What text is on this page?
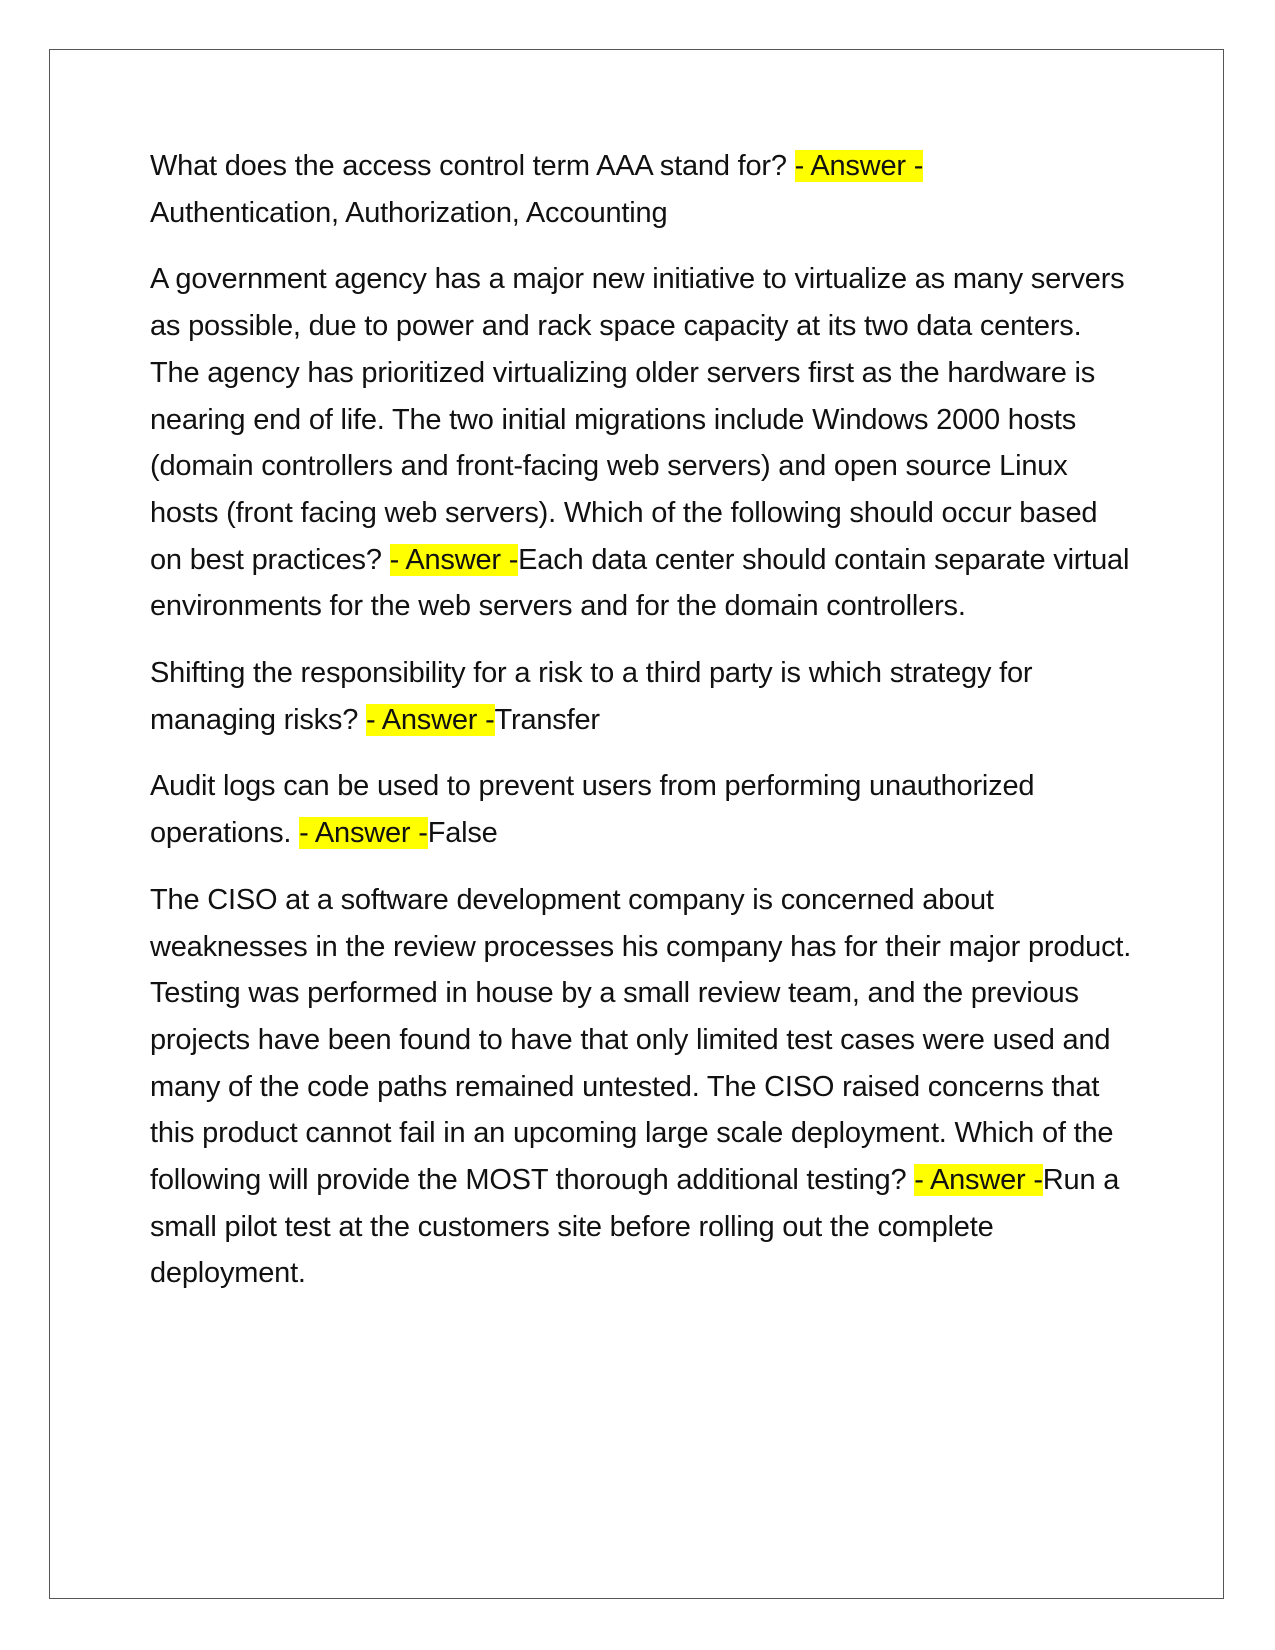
What does the access control term AAA stand for? - Answer -
Authentication, Authorization, Accounting

A government agency has a major new initiative to virtualize as many servers as possible, due to power and rack space capacity at its two data centers. The agency has prioritized virtualizing older servers first as the hardware is nearing end of life. The two initial migrations include Windows 2000 hosts (domain controllers and front-facing web servers) and open source Linux hosts (front facing web servers). Which of the following should occur based on best practices? - Answer -Each data center should contain separate virtual environments for the web servers and for the domain controllers.

Shifting the responsibility for a risk to a third party is which strategy for managing risks? - Answer -Transfer

Audit logs can be used to prevent users from performing unauthorized operations. - Answer -False

The CISO at a software development company is concerned about weaknesses in the review processes his company has for their major product. Testing was performed in house by a small review team, and the previous projects have been found to have that only limited test cases were used and many of the code paths remained untested. The CISO raised concerns that this product cannot fail in an upcoming large scale deployment. Which of the following will provide the MOST thorough additional testing? - Answer -Run a small pilot test at the customers site before rolling out the complete deployment.
